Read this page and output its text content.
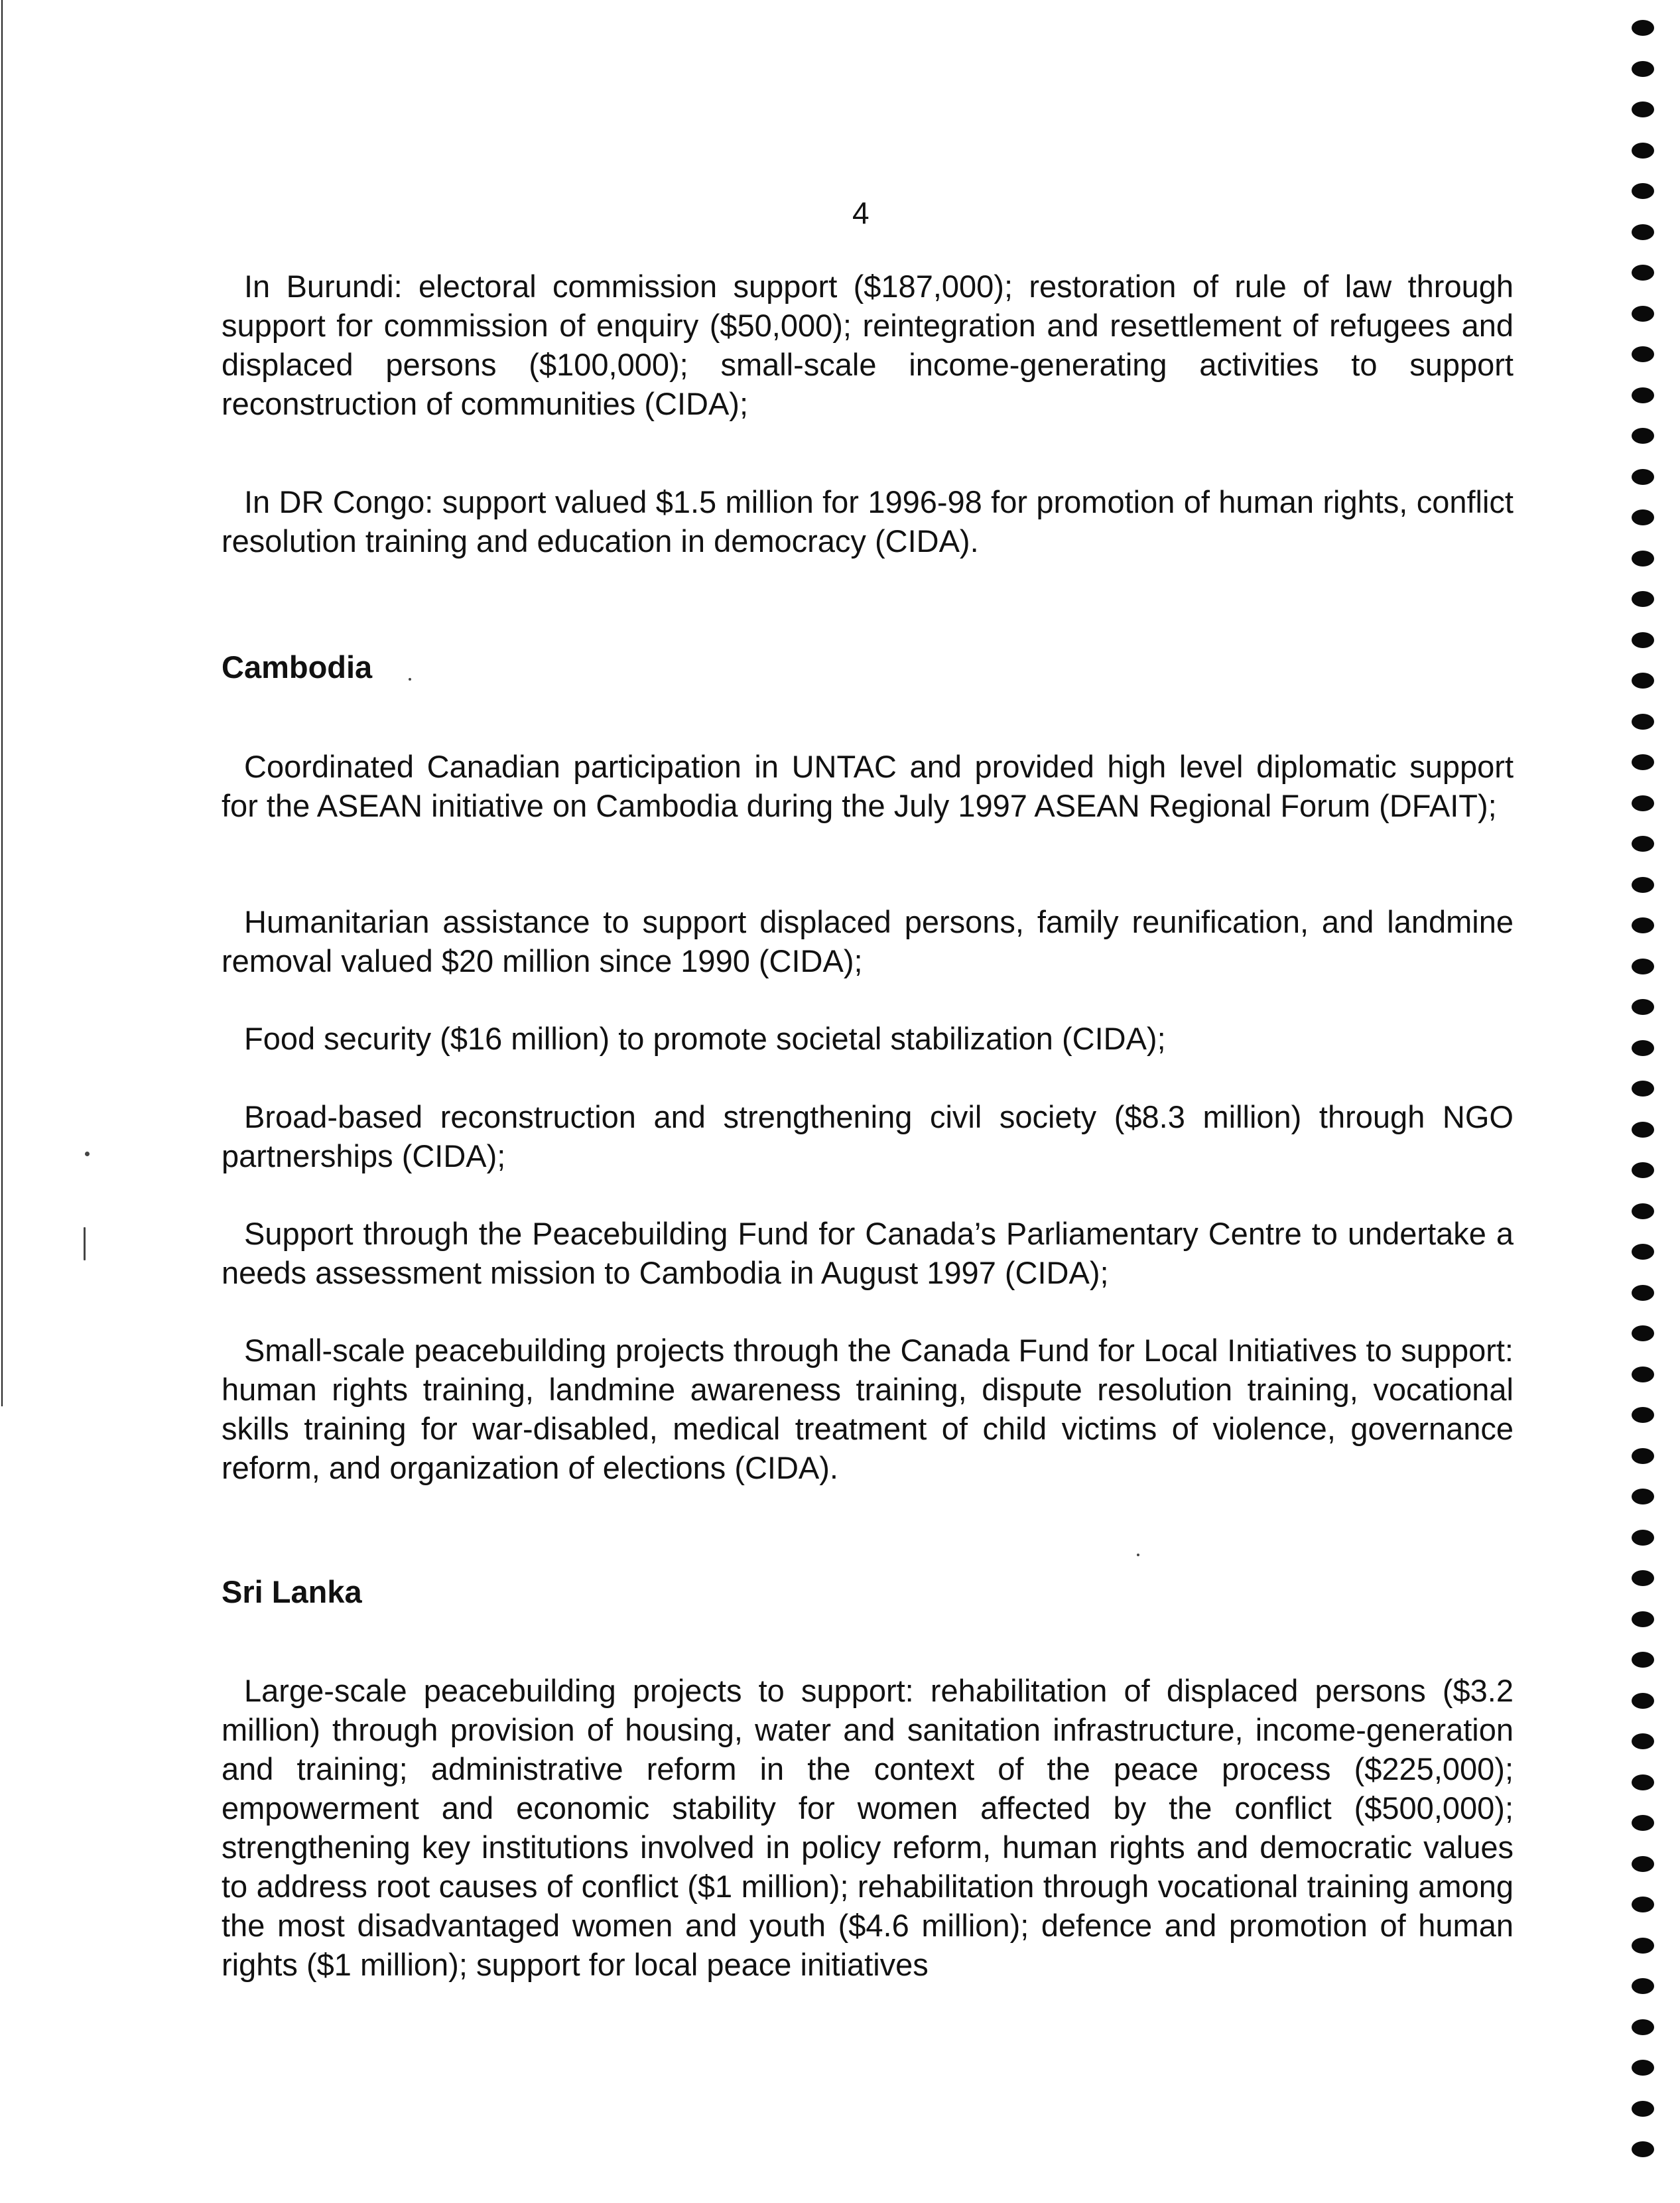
4

In Burundi: electoral commission support ($187,000); restoration of rule of law through support for commission of enquiry ($50,000); reintegration and resettlement of refugees and displaced persons ($100,000); small-scale income-generating activities to support reconstruction of communities (CIDA);

In DR Congo: support valued $1.5 million for 1996-98 for promotion of human rights, conflict resolution training and education in democracy (CIDA).

Cambodia

Coordinated Canadian participation in UNTAC and provided high level diplomatic support for the ASEAN initiative on Cambodia during the July 1997 ASEAN Regional Forum (DFAIT);

Humanitarian assistance to support displaced persons, family reunification, and landmine removal valued $20 million since 1990 (CIDA);

Food security ($16 million) to promote societal stabilization (CIDA);

Broad-based reconstruction and strengthening civil society ($8.3 million) through NGO partnerships (CIDA);

Support through the Peacebuilding Fund for Canada’s Parliamentary Centre to undertake a needs assessment mission to Cambodia in August 1997 (CIDA);

Small-scale peacebuilding projects through the Canada Fund for Local Initiatives to support: human rights training, landmine awareness training, dispute resolution training, vocational skills training for war-disabled, medical treatment of child victims of violence, governance reform, and organization of elections (CIDA).

Sri Lanka

Large-scale peacebuilding projects to support: rehabilitation of displaced persons ($3.2 million) through provision of housing, water and sanitation infrastructure, income-generation and training; administrative reform in the context of the peace process ($225,000); empowerment and economic stability for women affected by the conflict ($500,000); strengthening key institutions involved in policy reform, human rights and democratic values to address root causes of conflict ($1 million); rehabilitation through vocational training among the most disadvantaged women and youth ($4.6 million); defence and promotion of human rights ($1 million); support for local peace initiatives
